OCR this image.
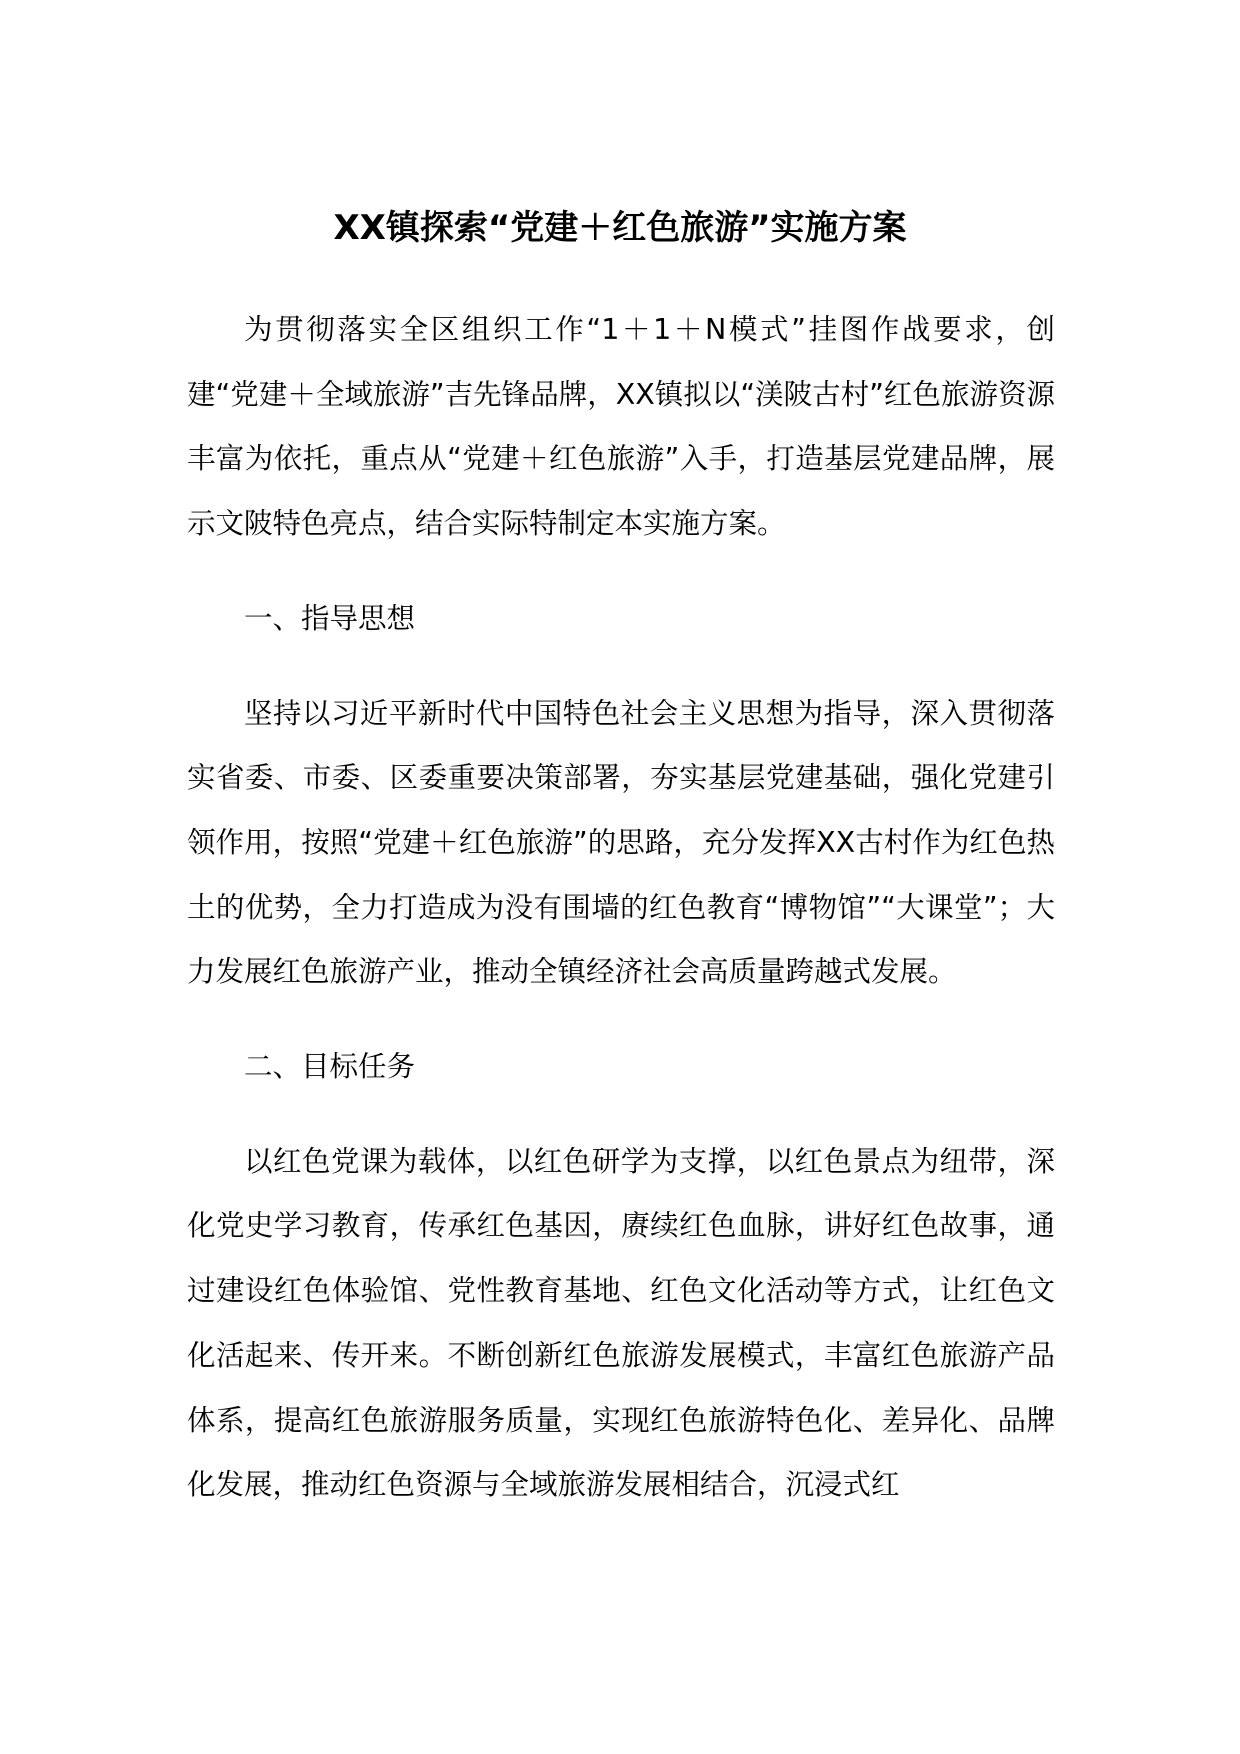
XX镇探索“党建＋红色旅游”实施方案

为贯彻落实全区组织工作“1＋1＋N模式”挂图作战要求，创建“党建＋全域旅游”吉先锋品牌，XX镇拟以“渼陂古村”红色旅游资源丰富为依托，重点从“党建＋红色旅游”入手，打造基层党建品牌，展示文陂特色亮点，结合实际特制定本实施方案。

一、指导思想

坚持以习近平新时代中国特色社会主义思想为指导，深入贯彻落实省委、市委、区委重要决策部署，夯实基层党建基础，强化党建引领作用，按照“党建＋红色旅游”的思路，充分发挥XX古村作为红色热土的优势，全力打造成为没有围墙的红色教育“博物馆”“大课堂”；大力发展红色旅游产业，推动全镇经济社会高质量跨越式发展。

二、目标任务

以红色党课为载体，以红色研学为支撑，以红色景点为纽带，深化党史学习教育，传承红色基因，赓续红色血脉，讲好红色故事，通过建设红色体验馆、党性教育基地、红色文化活动等方式，让红色文化活起来、传开来。不断创新红色旅游发展模式，丰富红色旅游产品体系，提高红色旅游服务质量，实现红色旅游特色化、差异化、品牌化发展，推动红色资源与全域旅游发展相结合，沉浸式红
